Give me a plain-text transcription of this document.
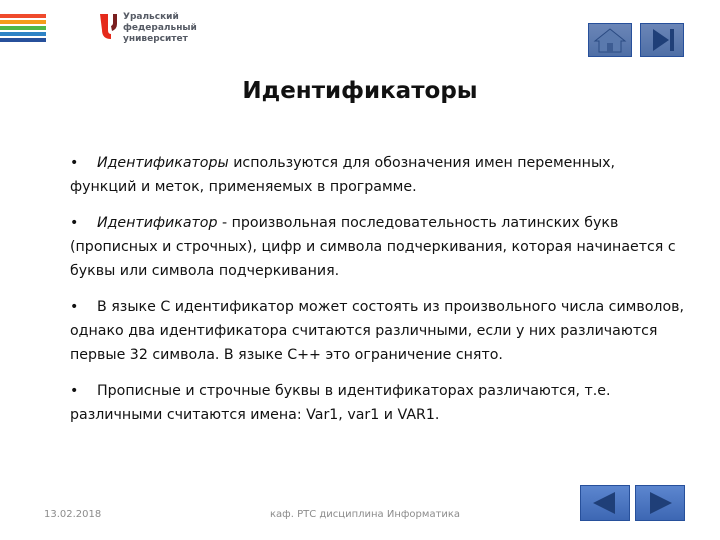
Уральский
федеральный
университет
Идентификаторы

• Идентификаторы используются для обозначения имен переменных, функций и меток, применяемых в программе.

• Идентификатор - произвольная последовательность латинских букв (прописных и строчных), цифр и символа подчеркивания, которая начинается с буквы или символа подчеркивания.

• В языке С идентификатор может состоять из произвольного числа символов, однако два идентификатора считаются различными, если у них различаются первые 32 символа. В языке С++ это ограничение снято.

• Прописные и строчные буквы в идентификаторах различаются, т.е. различными считаются имена: Var1, var1 и VAR1.

13.02.2018	каф. РТС дисциплина Информатика
